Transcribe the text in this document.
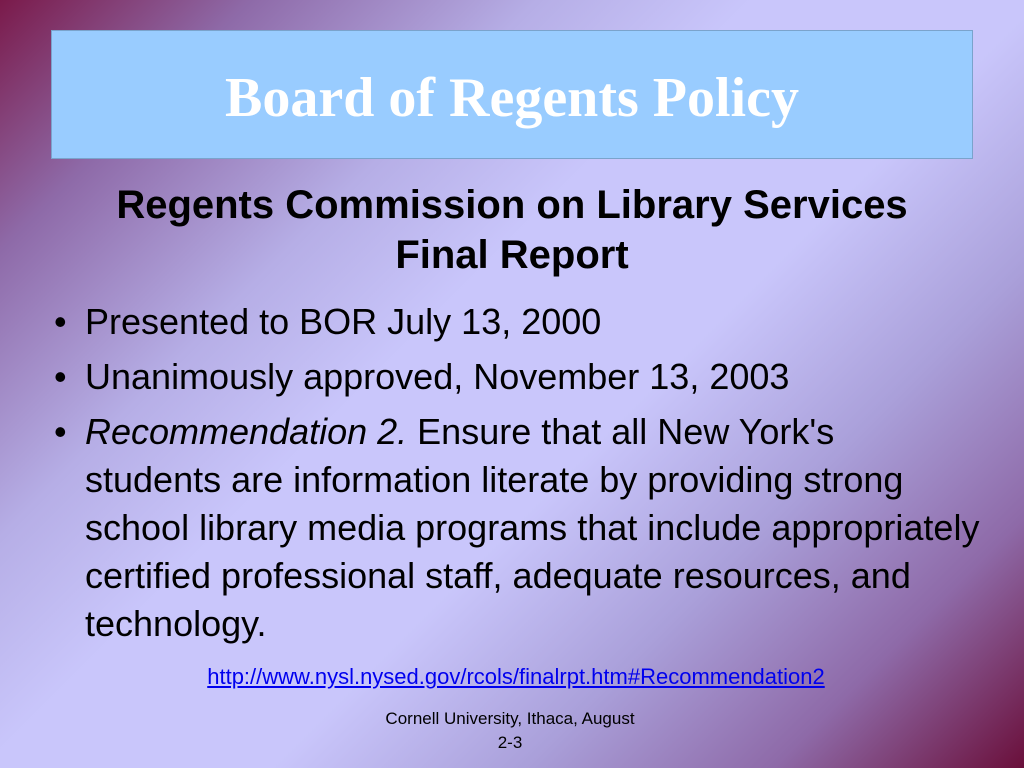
Board of Regents Policy
Regents Commission on Library Services
Final Report
• Presented to BOR July 13, 2000
• Unanimously approved, November 13, 2003
• Recommendation 2. Ensure that all New York's students are information literate by providing strong school library media programs that include appropriately certified professional staff, adequate resources, and technology.
http://www.nysl.nysed.gov/rcols/finalrpt.htm#Recommendation2
Cornell University, Ithaca, August
2-3
